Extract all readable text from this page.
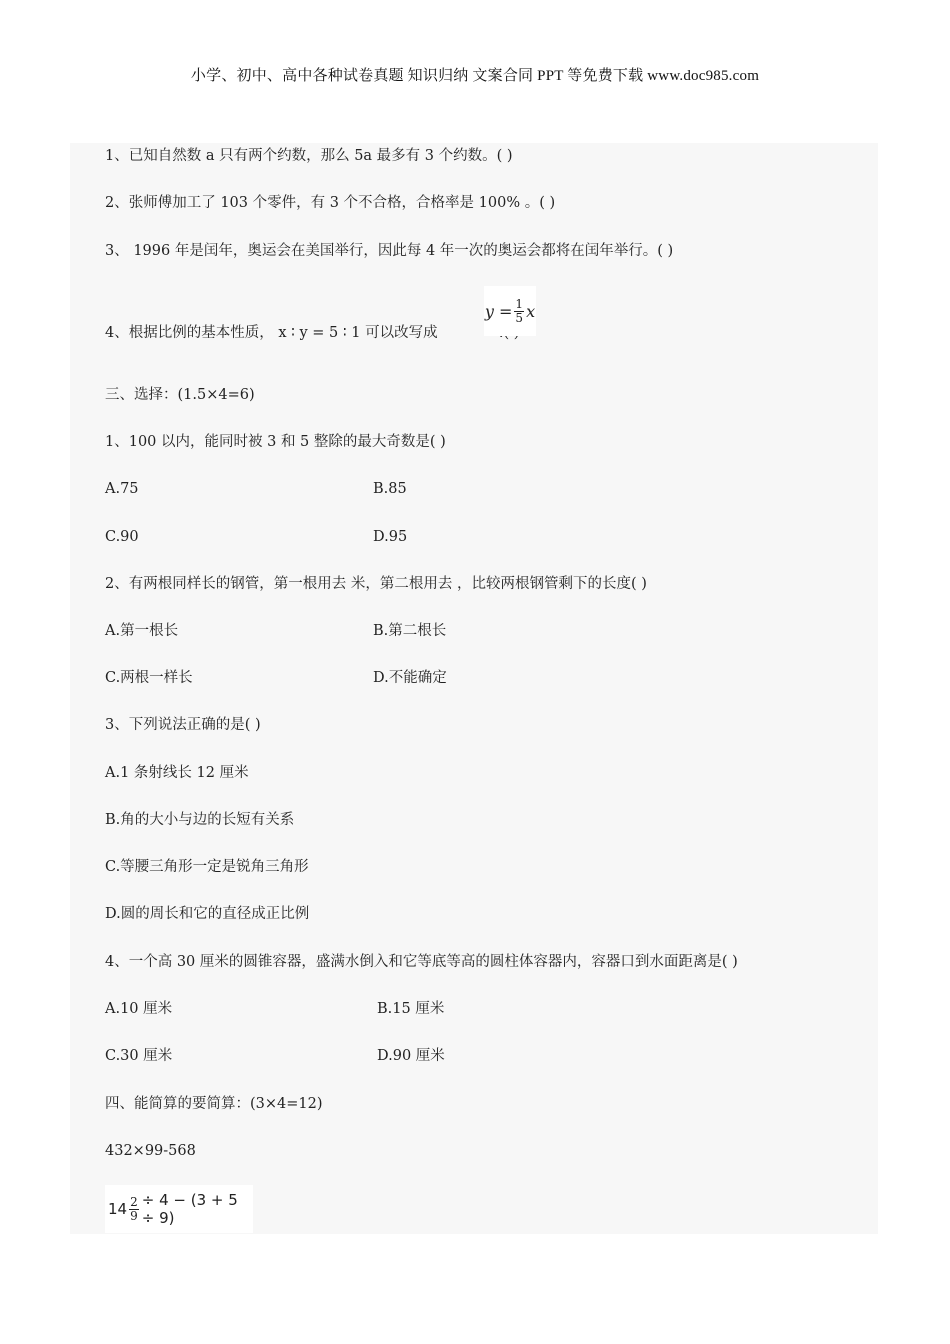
小学、初中、高中各种试卷真题 知识归纳 文案合同 PPT 等免费下载 www.doc985.com
1、已知自然数 a 只有两个约数，那么 5a 最多有 3 个约数。( )
2、张师傅加工了 103 个零件，有 3 个不合格，合格率是 100% 。( )
3、 1996 年是闰年，奥运会在美国举行，因此每 4 年一次的奥运会都将在闰年举行。( )
4、根据比例的基本性质， x ∶ y = 5 ∶ 1 可以改写成
$y = \frac{1}{5}$ x
三、选择：(1.5×4=6)
1、100 以内，能同时被 3 和 5 整除的最大奇数是( )
A.75	B.85
C.90	D.95
2、有两根同样长的钢管，第一根用去 米，第二根用去 ，比较两根钢管剩下的长度( )
A.第一根长	B.第二根长
C.两根一样长	D.不能确定
3、下列说法正确的是( )
A.1 条射线长 12 厘米
B.角的大小与边的长短有关系
C.等腰三角形一定是锐角三角形
D.圆的周长和它的直径成正比例
4、一个高 30 厘米的圆锥容器，盛满水倒入和它等底等高的圆柱体容器内，容器口到水面距离是( )
A.10 厘米	B.15 厘米
C.30 厘米	D.90 厘米
四、能简算的要简算：(3×4=12)
432×99-568
$14 \frac{2}{9} \div 4 - (3 + 5 \div 9)$
